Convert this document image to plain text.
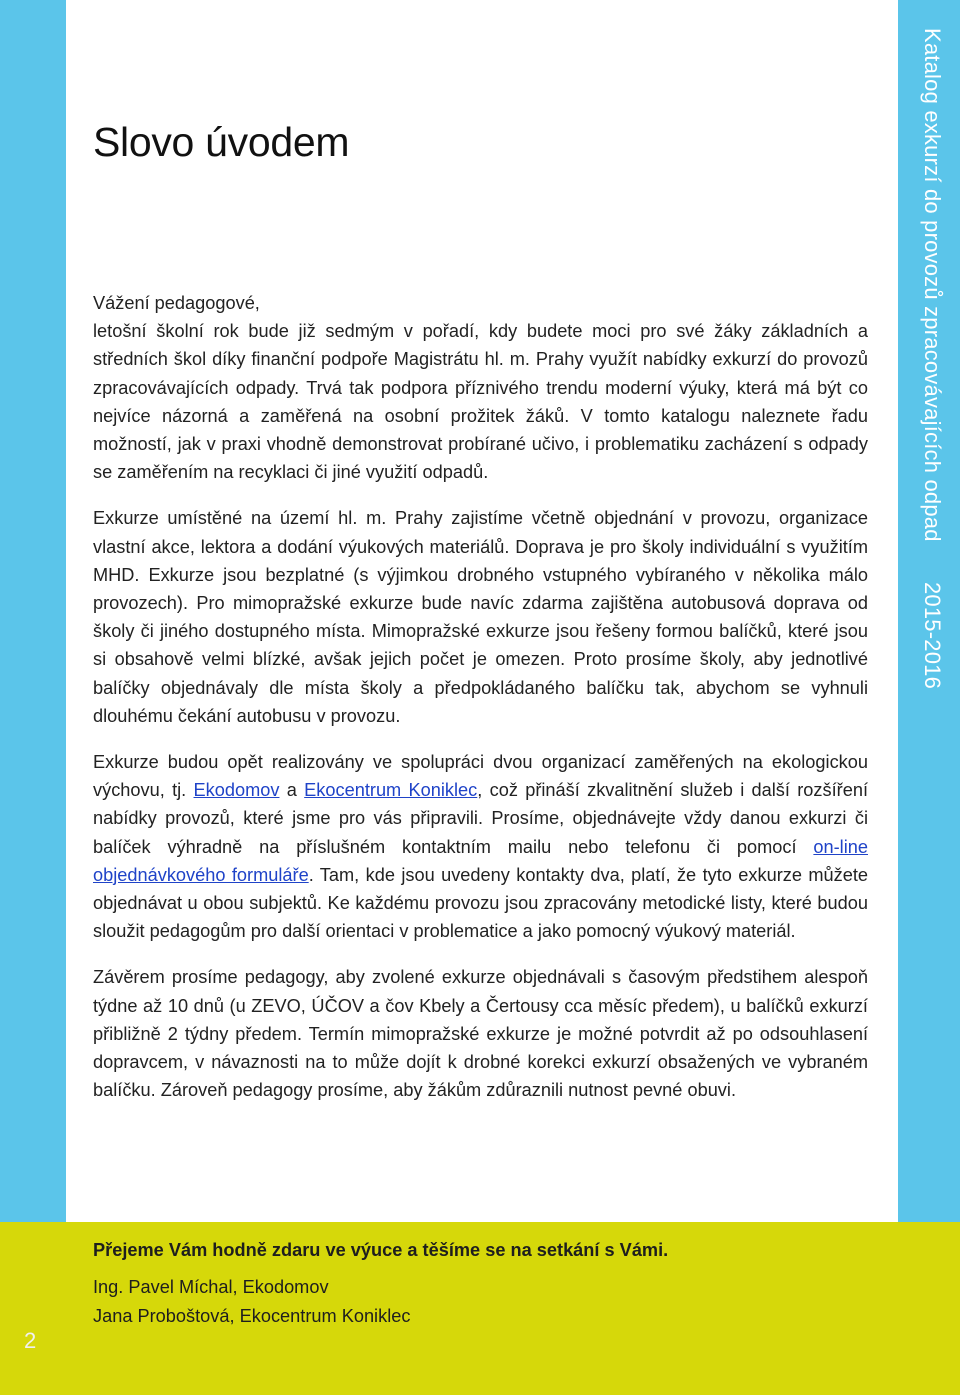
Slovo úvodem

Vážení pedagogové,
letošní školní rok bude již sedmým v pořadí, kdy budete moci pro své žáky základních a středních škol díky finanční podpoře Magistrátu hl. m. Prahy využít nabídky exkurzí do provozů zpracovávajících odpady. Trvá tak podpora příznivého trendu moderní výuky, která má být co nejvíce názorná a zaměřená na osobní prožitek žáků. V tomto katalogu naleznete řadu možností, jak v praxi vhodně demonstrovat probírané učivo, i problematiku zacházení s odpady se zaměřením na recyklaci či jiné využití odpadů.

Exkurze umístěné na území hl. m. Prahy zajistíme včetně objednání v provozu, organizace vlastní akce, lektora a dodání výukových materiálů. Doprava je pro školy individuální s využitím MHD. Exkurze jsou bezplatné (s výjimkou drobného vstupného vybíraného v několika málo provozech). Pro mimopražské exkurze bude navíc zdarma zajištěna autobusová doprava od školy či jiného dostupného místa. Mimopražské exkurze jsou řešeny formou balíčků, které jsou si obsahově velmi blízké, avšak jejich počet je omezen. Proto prosíme školy, aby jednotlivé balíčky objednávaly dle místa školy a předpokládaného balíčku tak, abychom se vyhnuli dlouhému čekání autobusu v provozu.

Exkurze budou opět realizovány ve spolupráci dvou organizací zaměřených na ekologickou výchovu, tj. Ekodomov a Ekocentrum Koniklec, což přináší zkvalitnění služeb i další rozšíření nabídky provozů, které jsme pro vás připravili. Prosíme, objednávejte vždy danou exkurzi či balíček výhradně na příslušném kontaktním mailu nebo telefonu či pomocí on-line objednávkového formuláře. Tam, kde jsou uvedeny kontakty dva, platí, že tyto exkurze můžete objednávat u obou subjektů. Ke každému provozu jsou zpracovány metodické listy, které budou sloužit pedagogům pro další orientaci v problematice a jako pomocný výukový materiál.

Závěrem prosíme pedagogy, aby zvolené exkurze objednávali s časovým předstihem alespoň týdne až 10 dnů (u ZEVO, ÚČOV a čov Kbely a Čertousy cca měsíc předem), u balíčků exkurzí přibližně 2 týdny předem. Termín mimopražské exkurze je možné potvrdit až po odsouhlasení dopravcem, v návaznosti na to může dojít k drobné korekci exkurzí obsažených ve vybraném balíčku. Zároveň pedagogy prosíme, aby žákům zdůraznili nutnost pevné obuvi.

Katalog exkurzí do provozů zpracovávajících odpad 2015-2016
Přejeme Vám hodně zdaru ve výuce a těšíme se na setkání s Vámi.
Ing. Pavel Míchal, Ekodomov
Jana Proboštová, Ekocentrum Koniklec
2
